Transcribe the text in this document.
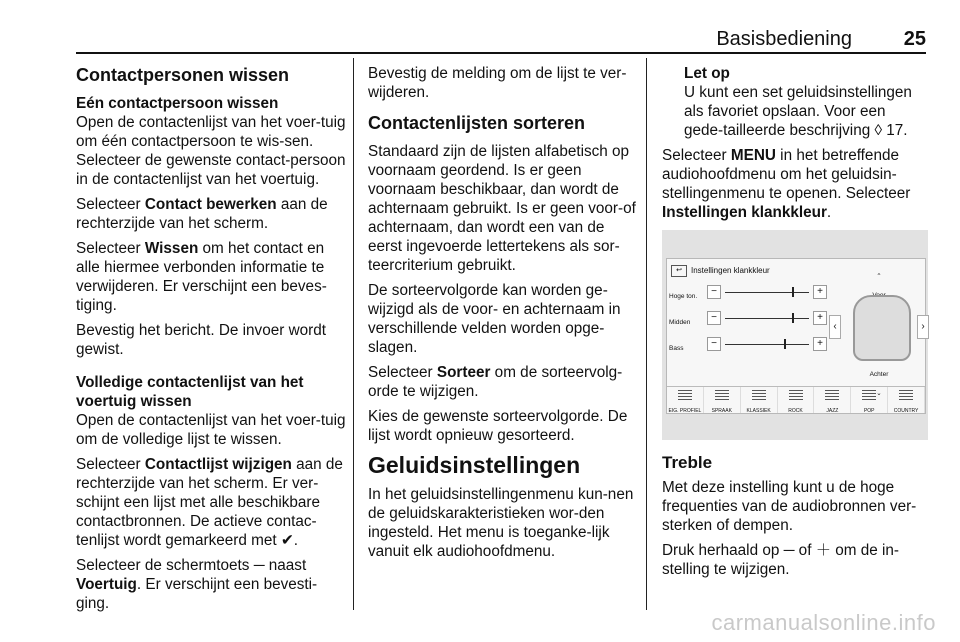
Basisbediening	25
Contactpersonen wissen
Eén contactpersoon wissen

Open de contactenlijst van het voer-tuig om één contactpersoon te wis-sen. Selecteer de gewenste contact-persoon in de contactenlijst van het voertuig.

Selecteer Contact bewerken aan de rechterzijde van het scherm.

Selecteer Wissen om het contact en alle hiermee verbonden informatie te verwijderen. Er verschijnt een beves-tiging.

Bevestig het bericht. De invoer wordt gewist.

Volledige contactenlijst van het voertuig wissen

Open de contactenlijst van het voer-tuig om de volledige lijst te wissen.

Selecteer Contactlijst wijzigen aan de rechterzijde van het scherm. Er ver-schijnt een lijst met alle beschikbare contactbronnen. De actieve contac-tenlijst wordt gemarkeerd met ✔.

Selecteer de schermtoets ─ naast Voertuig. Er verschijnt een bevesti-ging.

Bevestig de melding om de lijst te ver-wijderen.

Contactenlijsten sorteren

Standaard zijn de lijsten alfabetisch op voornaam geordend. Is er geen voornaam beschikbaar, dan wordt de achternaam gebruikt. Is er geen voor-of achternaam, dan wordt een van de eerst ingevoerde lettertekens als sor-teercriterium gebruikt.

De sorteervolgorde kan worden ge-wijzigd als de voor- en achternaam in verschillende velden worden opge-slagen.

Selecteer Sorteer om de sorteervolg-orde te wijzigen.

Kies de gewenste sorteervolgorde. De lijst wordt opnieuw gesorteerd.

Geluidsinstellingen

In het geluidsinstellingenmenu kun-nen de geluidskarakteristieken wor-den ingesteld. Het menu is toeganke-lijk vanuit elk audiohoofdmenu.

Let op

U kunt een set geluidsinstellingen als favoriet opslaan. Voor een gede-tailleerde beschrijving ◊ 17.

Selecteer MENU in het betreffende audiohoofdmenu om het geluidsin-stellingenmenu te openen. Selecteer Instellingen klankkleur.

↩ Instellingen klankkleur
Hoge ton.	−	+
Midden	−	+
Bass	−	+
⌃

‹	›
Achter
⌄
EIG. PROFIEL	SPRAAK	KLASSIEK	ROCK	JAZZ	POP	COUNTRY
Treble

Met deze instelling kunt u de hoge frequenties van de audiobronnen ver-sterken of dempen.

Druk herhaald op ─ of ＋ om de in-stelling te wijzigen.

carmanualsonline.info
